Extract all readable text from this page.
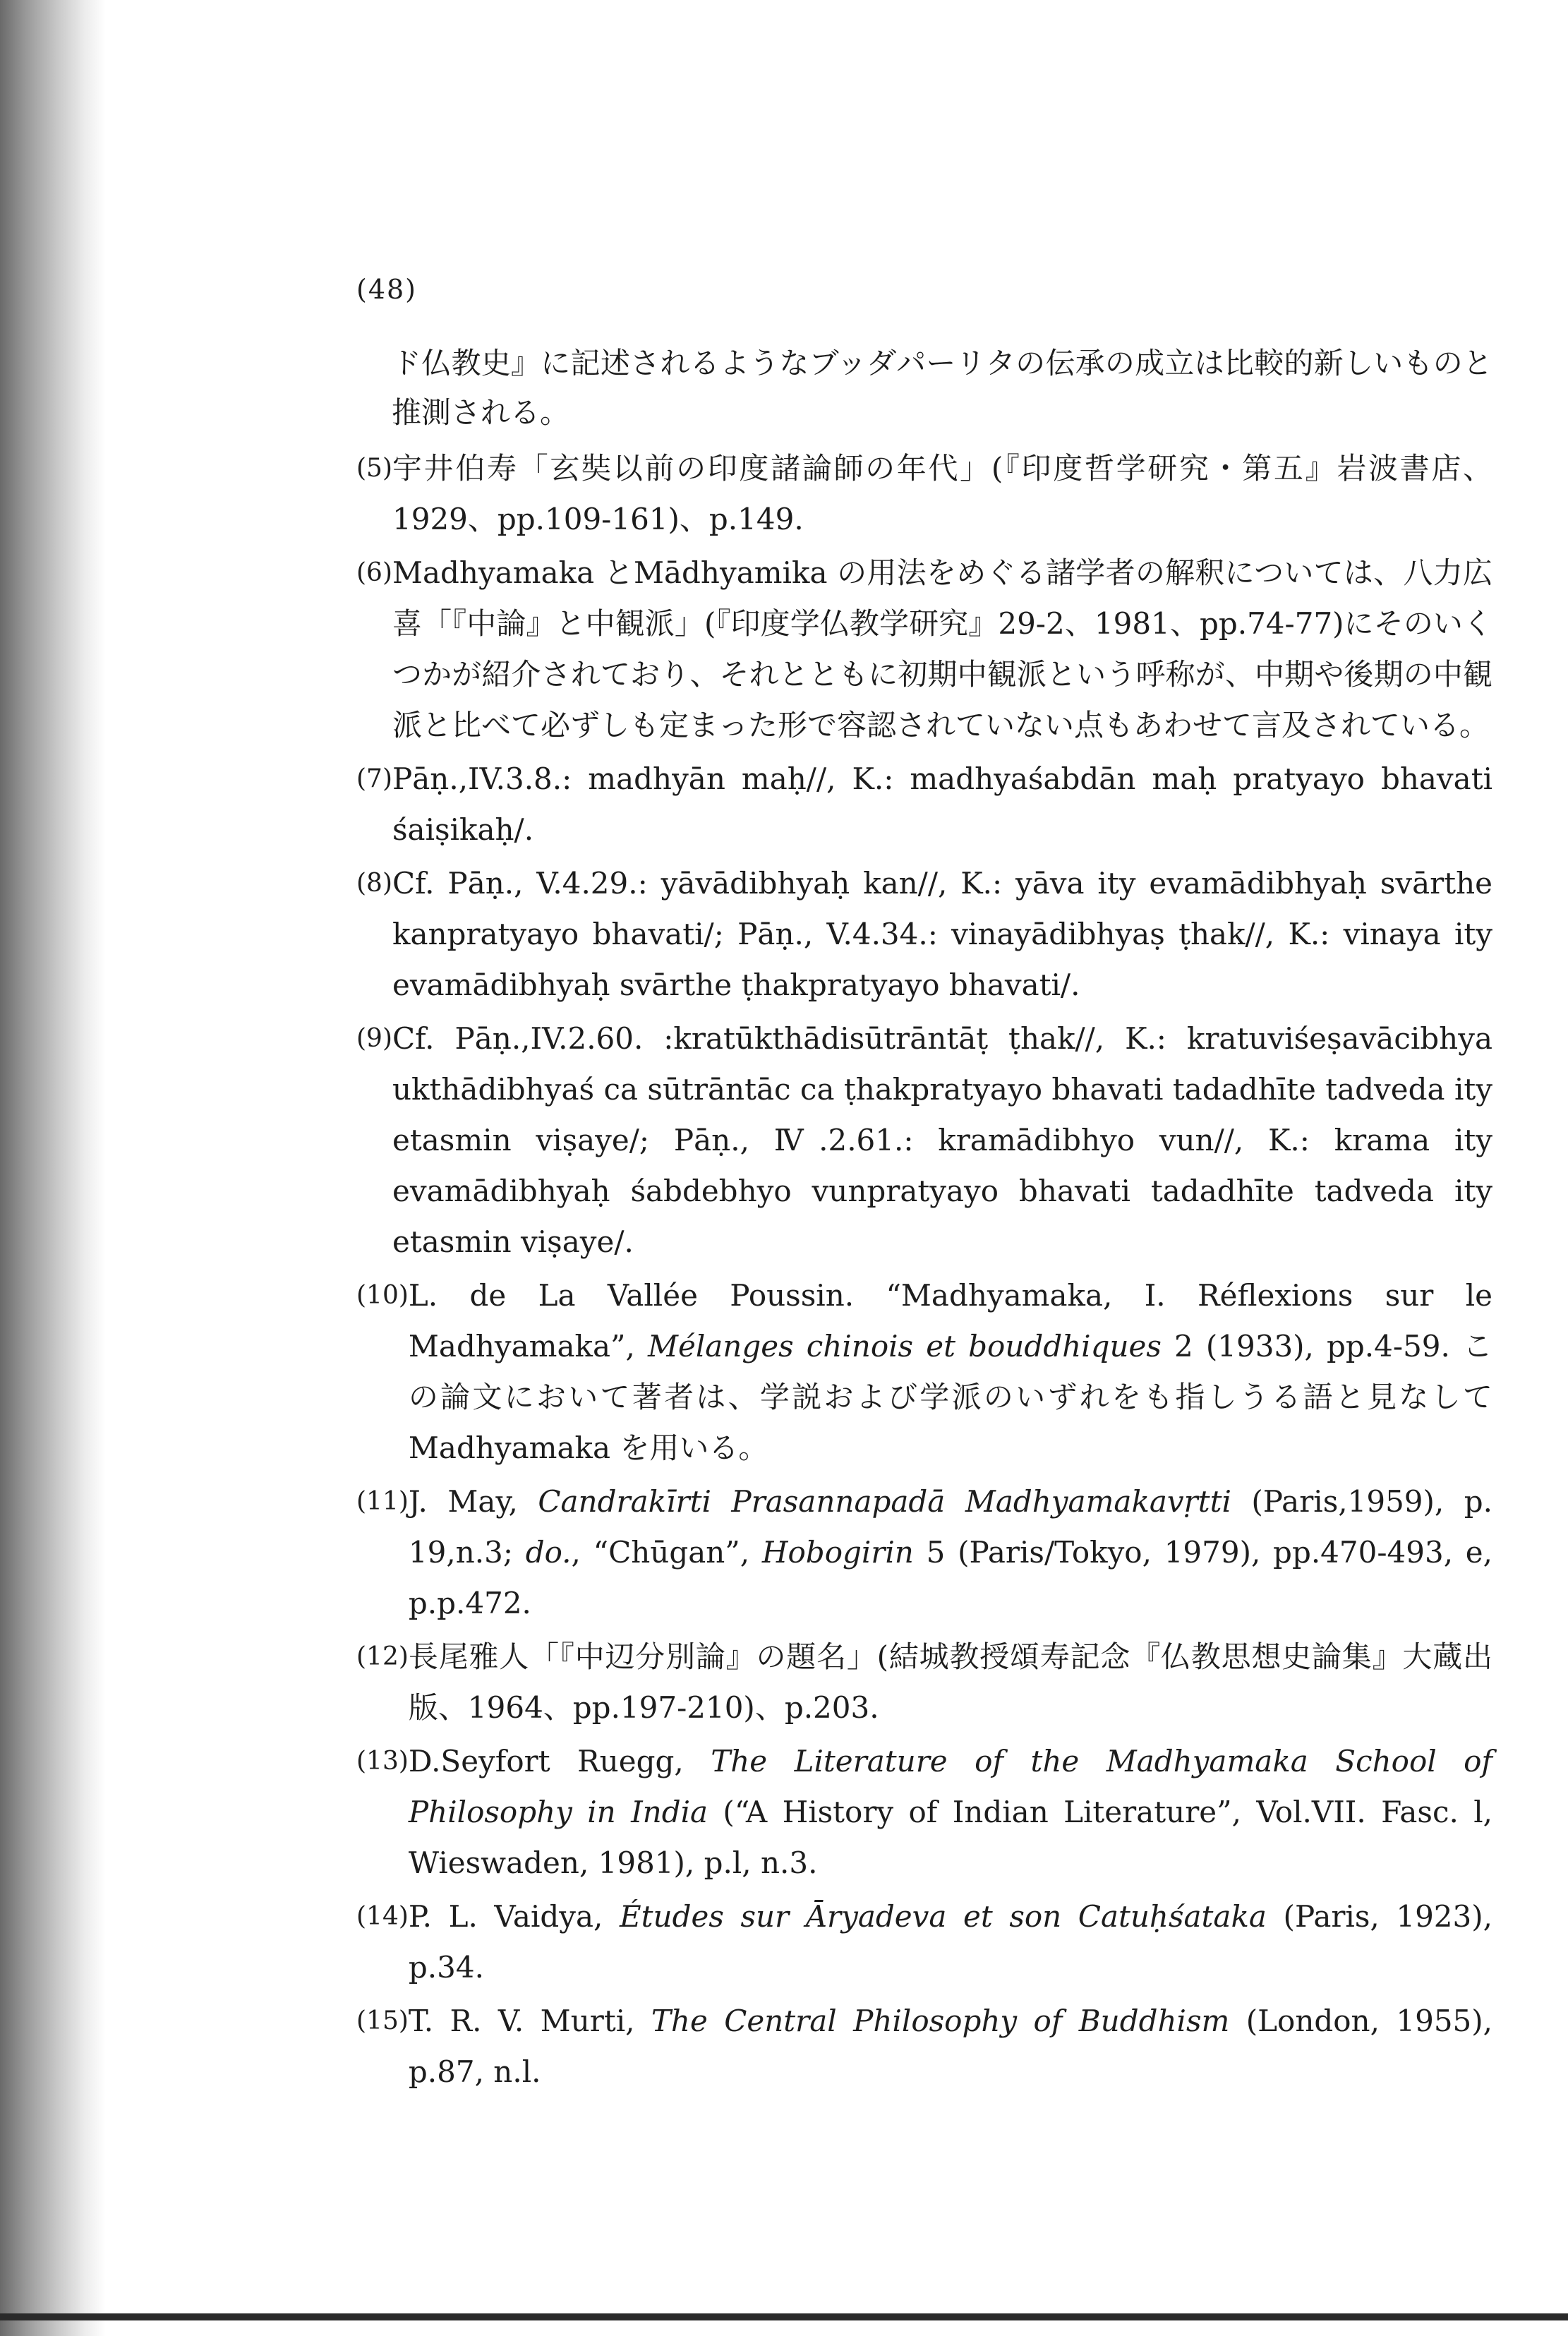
(48)

ド仏教史』に記述されるようなブッダパーリタの伝承の成立は比較的新しいものと推測される。

(5) 宇井伯寿「玄奘以前の印度諸論師の年代」(『印度哲学研究・第五』岩波書店、1929、pp.109-161)、p.149.
(6) Madhyamaka とMādhyamika の用法をめぐる諸学者の解釈については、八力広喜「『中論』と中観派」(『印度学仏教学研究』29-2、1981、pp.74-77)にそのいくつかが紹介されており、それとともに初期中観派という呼称が、中期や後期の中観派と比べて必ずしも定まった形で容認されていない点もあわせて言及されている。
(7) Pāṇ.,IV.3.8.: madhyān maḥ//, K.: madhyaśabdān maḥ pratyayo bhavati śaiṣikaḥ/.
(8) Cf. Pāṇ., V.4.29.: yāvādibhyaḥ kan//, K.: yāva ity evamādibhyaḥ svārthe kanpratyayo bhavati/; Pāṇ., V.4.34.: vinayādibhyaṣ ṭhak//, K.: vinaya ity evamādibhyaḥ svārthe ṭhakpratyayo bhavati/.
(9) Cf. Pāṇ.,IV.2.60. :kratūkthādisūtrāntāṭ ṭhak//, K.: kratuviśeṣavācibhya ukthādibhyaś ca sūtrāntāc ca ṭhakpratyayo bhavati tadadhīte tadveda ity etasmin viṣaye/; Pāṇ., Ⅳ.2.61.: kramādibhyo vun//, K.: krama ity evamādibhyaḥ śabdebhyo vunpratyayo bhavati tadadhīte tadveda ity etasmin viṣaye/.
(10) L. de La Vallée Poussin. “Madhyamaka, I. Réflexions sur le Madhyamaka”, Mélanges chinois et bouddhiques 2 (1933), pp.4-59. この論文において著者は、学説および学派のいずれをも指しうる語と見なして Madhyamaka を用いる。
(11) J. May, Candrakīrti Prasannapadā Madhyamakavṛtti (Paris,1959), p. 19,n.3; do., “Chūgan”, Hobogirin 5 (Paris/Tokyo, 1979), pp.470-493, e, p.p.472.
(12) 長尾雅人「『中辺分別論』の題名」(結城教授頌寿記念『仏教思想史論集』大蔵出版、1964、pp.197-210)、p.203.
(13) D.Seyfort Ruegg, The Literature of the Madhyamaka School of Philosophy in India (“A History of Indian Literature”, Vol.VII. Fasc. l, Wieswaden, 1981), p.l, n.3.
(14) P. L. Vaidya, Études sur Āryadeva et son Catuḥśataka (Paris, 1923), p.34.
(15) T. R. V. Murti, The Central Philosophy of Buddhism (London, 1955), p.87, n.l.
